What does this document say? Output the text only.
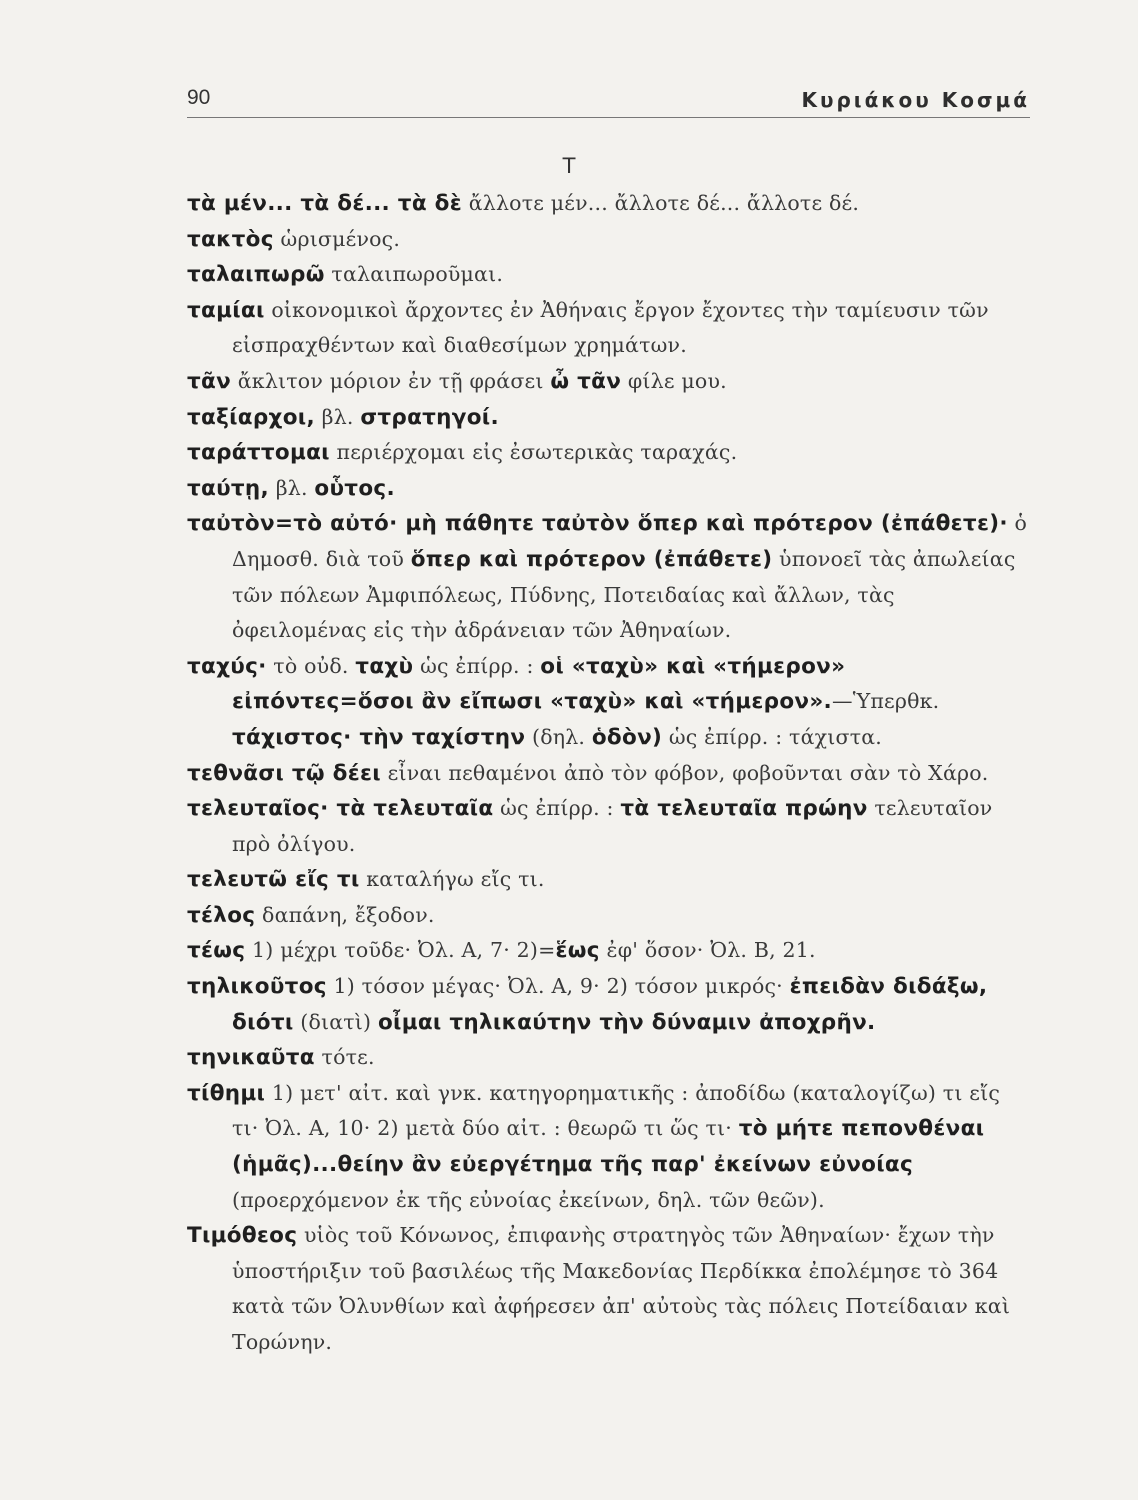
90	Κυριάκου Κοσμά
Τ

τὰ μέν... τὰ δέ... τὰ δὲ ἄλλοτε μέν... ἄλλοτε δέ... ἄλλοτε δέ.

τακτὸς ὡρισμένος.

ταλαιπωρῶ ταλαιπωροῦμαι.

ταμίαι οἰκονομικοὶ ἄρχοντες ἐν Ἀθήναις ἔργον ἔχοντες τὴν ταμίευσιν τῶν εἰσπραχθέντων καὶ διαθεσίμων χρημάτων.

τᾶν ἄκλιτον μόριον ἐν τῇ φράσει ὦ τᾶν φίλε μου.

ταξίαρχοι, βλ. στρατηγοί.

ταράττομαι περιέρχομαι εἰς ἐσωτερικὰς ταραχάς.

ταύτῃ, βλ. οὗτος.

ταὐτὸν=τὸ αὐτό· μὴ πάθητε ταὐτὸν ὅπερ καὶ πρότερον (ἐπάθετε)· ὁ Δημοσθ. διὰ τοῦ ὅπερ καὶ πρότερον (ἐπάθετε) ὑπονοεῖ τὰς ἀπωλείας τῶν πόλεων Ἀμφιπόλεως, Πύδνης, Ποτειδαίας καὶ ἄλλων, τὰς ὀφειλομένας εἰς τὴν ἀδράνειαν τῶν Ἀθηναίων.

ταχύς· τὸ οὐδ. ταχὺ ὡς ἐπίρρ. : οἱ «ταχὺ» καὶ «τήμερον» εἰπόντες=ὅσοι ἂν εἴπωσι «ταχὺ» καὶ «τήμερον».—Ὑπερθκ. τάχιστος· τὴν ταχίστην (δηλ. ὁδὸν) ὡς ἐπίρρ. : τάχιστα.

τεθνᾶσι τῷ δέει εἶναι πεθαμένοι ἀπὸ τὸν φόβον, φοβοῦνται σὰν τὸ Χάρο.

τελευταῖος· τὰ τελευταῖα ὡς ἐπίρρ. : τὰ τελευταῖα πρώην τελευταῖον πρὸ ὀλίγου.

τελευτῶ εἴς τι καταλήγω εἴς τι.

τέλος δαπάνη, ἔξοδον.

τέως 1) μέχρι τοῦδε· Ὀλ. Α, 7· 2)=ἕως ἐφ' ὅσον· Ὀλ. Β, 21.

τηλικοῦτος 1) τόσον μέγας· Ὀλ. Α, 9· 2) τόσον μικρός· ἐπειδὰν διδάξω, διότι (διατὶ) οἶμαι τηλικαύτην τὴν δύναμιν ἀποχρῆν.

τηνικαῦτα τότε.

τίθημι 1) μετ' αἰτ. καὶ γνκ. κατηγορηματικῆς : ἀποδίδω (καταλογίζω) τι εἴς τι· Ὀλ. Α, 10· 2) μετὰ δύο αἰτ. : θεωρῶ τι ὥς τι· τὸ μήτε πεπονθέναι (ἡμᾶς)...θείην ἂν εὐεργέτημα τῆς παρ' ἐκείνων εὐνοίας (προερχόμενον ἐκ τῆς εὐνοίας ἐκείνων, δηλ. τῶν θεῶν).

Τιμόθεος υἱὸς τοῦ Κόνωνος, ἐπιφανὴς στρατηγὸς τῶν Ἀθηναίων· ἔχων τὴν ὑποστήριξιν τοῦ βασιλέως τῆς Μακεδονίας Περδίκκα ἐπολέμησε τὸ 364 κατὰ τῶν Ὀλυνθίων καὶ ἀφήρεσεν ἀπ' αὐτοὺς τὰς πόλεις Ποτείδαιαν καὶ Τορώνην.
